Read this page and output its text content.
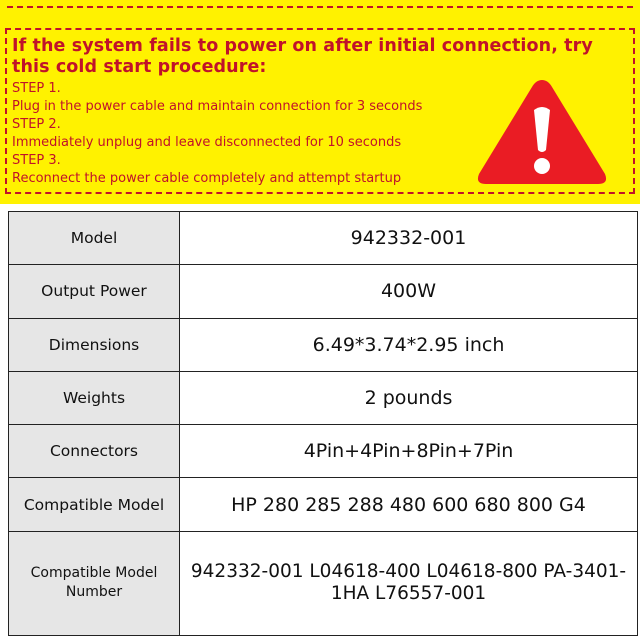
If the system fails to power on after initial connection, try this cold start procedure:

STEP 1.

Plug in the power cable and maintain connection for 3 seconds

STEP 2.

Immediately unplug and leave disconnected for 10 seconds

STEP 3.

Reconnect the power cable completely and attempt startup

Model	942332-001
Output Power	400W
Dimensions	6.49*3.74*2.95 inch
Weights	2 pounds
Connectors	4Pin+4Pin+8Pin+7Pin
Compatible Model	HP 280 285 288 480 600 680 800 G4
Compatible Model Number	942332-001 L04618-400 L04618-800 PA-3401-1HA L76557-001
